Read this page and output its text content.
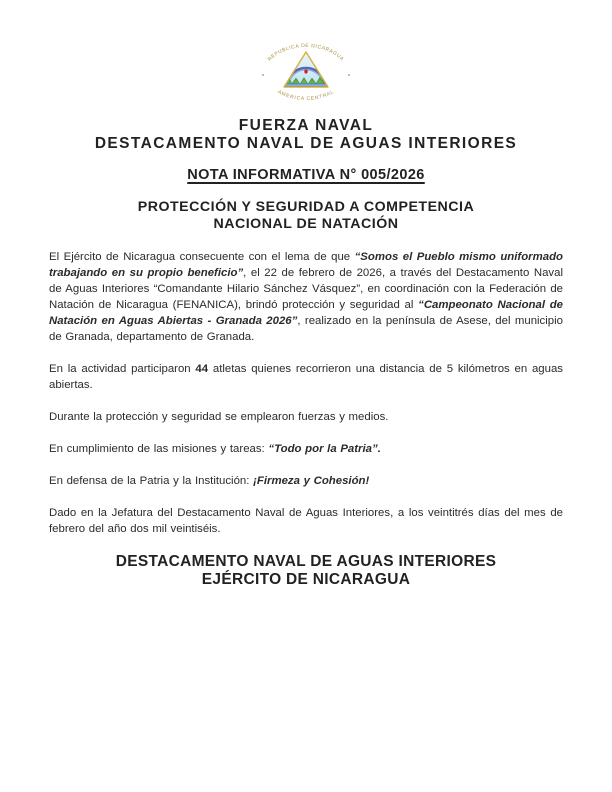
REPUBLICA DE NICARAGUA
AMERICA CENTRAL
FUERZA NAVAL
DESTACAMENTO NAVAL DE AGUAS INTERIORES
NOTA INFORMATIVA N° 005/2026
PROTECCIÓN Y SEGURIDAD A COMPETENCIA
NACIONAL DE NATACIÓN

El Ejército de Nicaragua consecuente con el lema de que “Somos el Pueblo mismo uniformado trabajando en su propio beneficio”, el 22 de febrero de 2026, a través del Destacamento Naval de Aguas Interiores “Comandante Hilario Sánchez Vásquez”, en coordinación con la Federación de Natación de Nicaragua (FENANICA), brindó protección y seguridad al “Campeonato Nacional de Natación en Aguas Abiertas - Granada 2026”, realizado en la península de Asese, del municipio de Granada, departamento de Granada.

En la actividad participaron 44 atletas quienes recorrieron una distancia de 5 kilómetros en aguas abiertas.

Durante la protección y seguridad se emplearon fuerzas y medios.

En cumplimiento de las misiones y tareas: “Todo por la Patria”.

En defensa de la Patria y la Institución: ¡Firmeza y Cohesión!

Dado en la Jefatura del Destacamento Naval de Aguas Interiores, a los veintitrés días del mes de febrero del año dos mil veintiséis.

DESTACAMENTO NAVAL DE AGUAS INTERIORES
EJÉRCITO DE NICARAGUA
